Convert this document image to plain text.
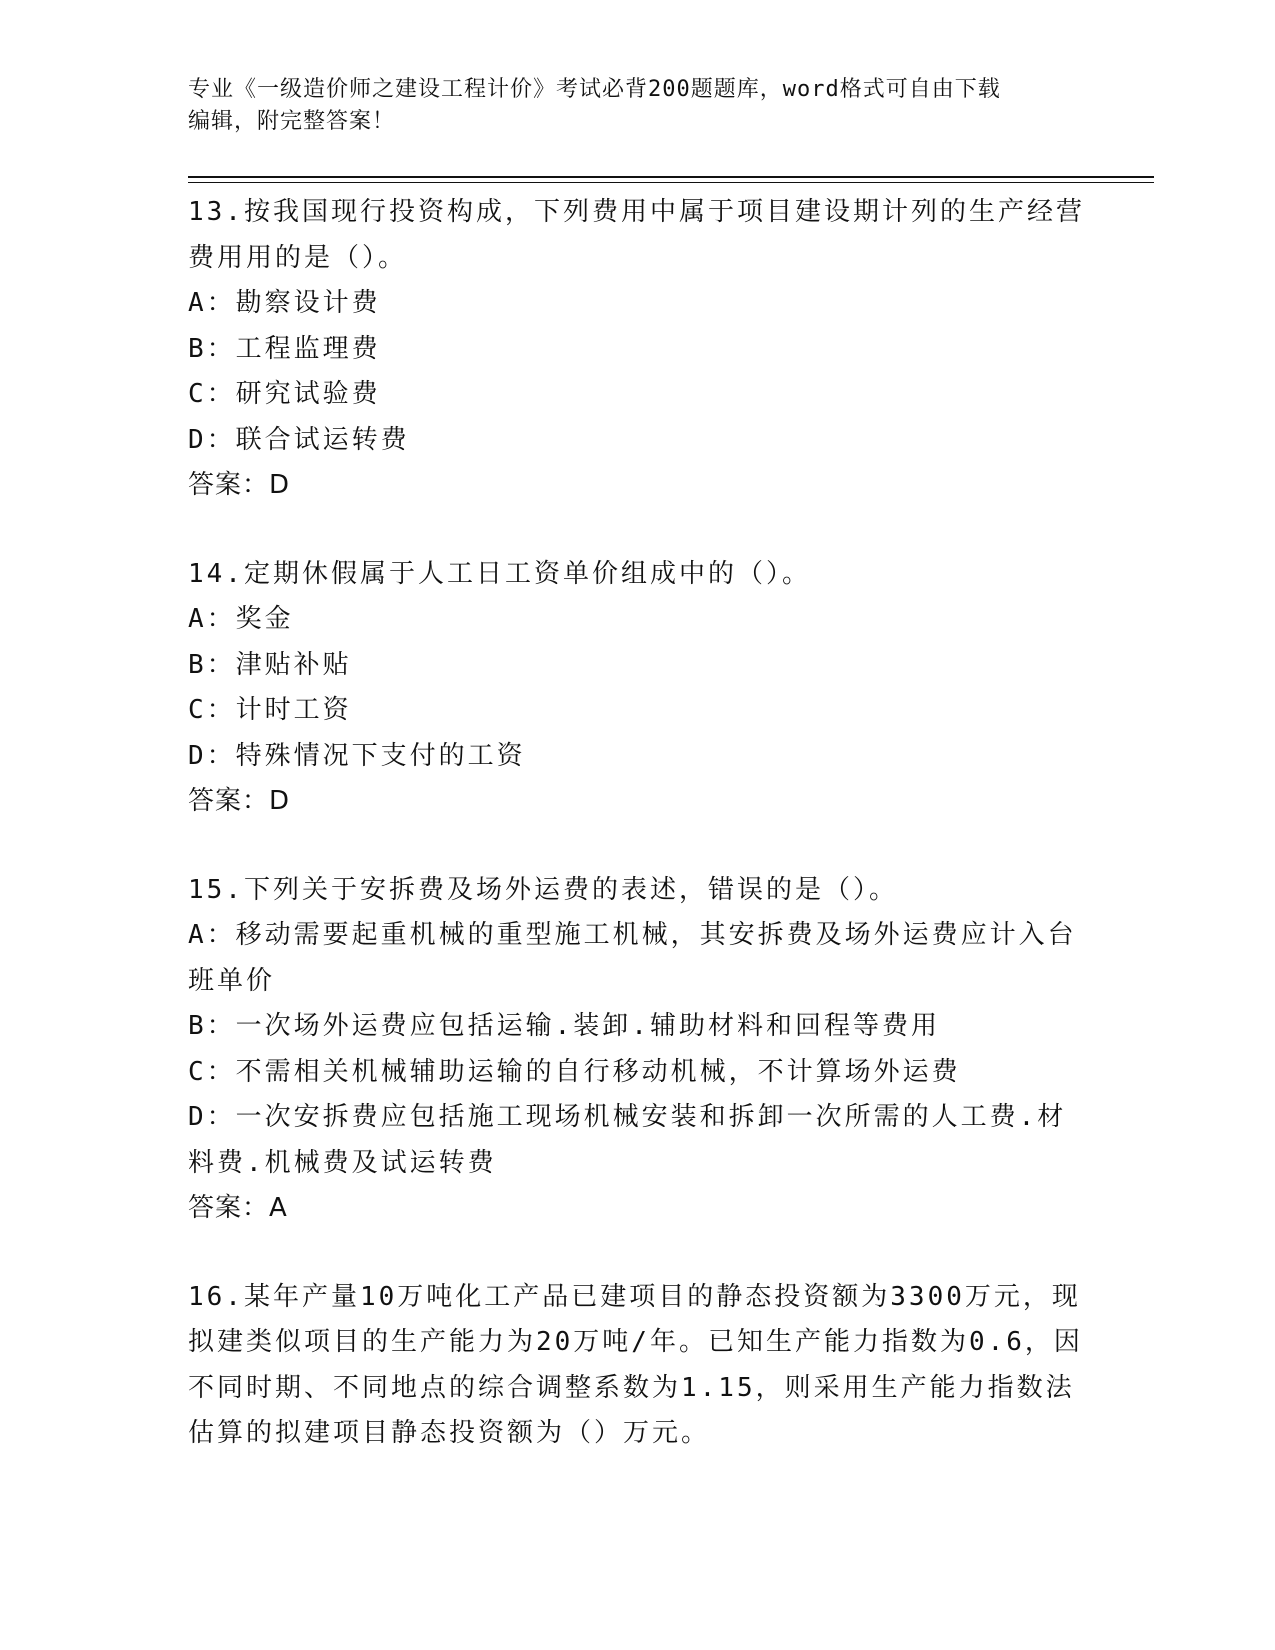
专业《一级造价师之建设工程计价》考试必背200题题库，word格式可自由下载
编辑，附完整答案！

13.按我国现行投资构成，下列费用中属于项目建设期计列的生产经营费用用的是（）。

A：勘察设计费

B：工程监理费

C：研究试验费

D：联合试运转费

答案：D

14.定期休假属于人工日工资单价组成中的（）。

A：奖金

B：津贴补贴

C：计时工资

D：特殊情况下支付的工资

答案：D

15.下列关于安拆费及场外运费的表述，错误的是（）。

A：移动需要起重机械的重型施工机械，其安拆费及场外运费应计入台班单价

B：一次场外运费应包括运输.装卸.辅助材料和回程等费用

C：不需相关机械辅助运输的自行移动机械，不计算场外运费

D：一次安拆费应包括施工现场机械安装和拆卸一次所需的人工费.材料费.机械费及试运转费

答案：A

16.某年产量10万吨化工产品已建项目的静态投资额为3300万元，现拟建类似项目的生产能力为20万吨/年。已知生产能力指数为0.6，因不同时期、不同地点的综合调整系数为1.15，则采用生产能力指数法估算的拟建项目静态投资额为（）万元。
